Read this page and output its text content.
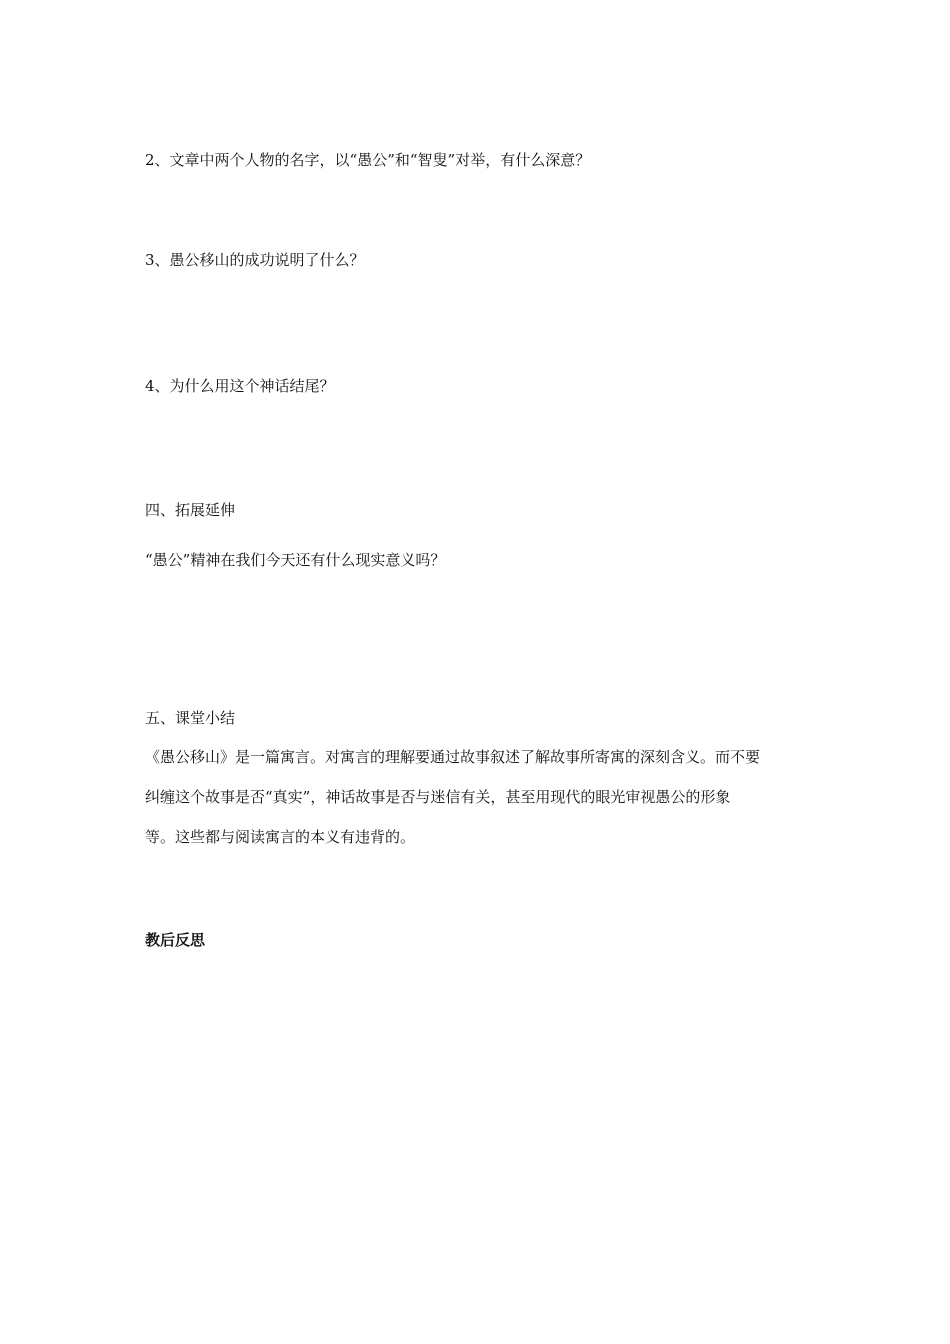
2、文章中两个人物的名字，以“愚公”和“智叟”对举，有什么深意？
3、愚公移山的成功说明了什么？
4、为什么用这个神话结尾？
四、拓展延伸
“愚公”精神在我们今天还有什么现实意义吗？
五、课堂小结
《愚公移山》是一篇寓言。对寓言的理解要通过故事叙述了解故事所寄寓的深刻含义。而不要
纠缠这个故事是否“真实”，神话故事是否与迷信有关，甚至用现代的眼光审视愚公的形象
等。这些都与阅读寓言的本义有违背的。
教后反思
